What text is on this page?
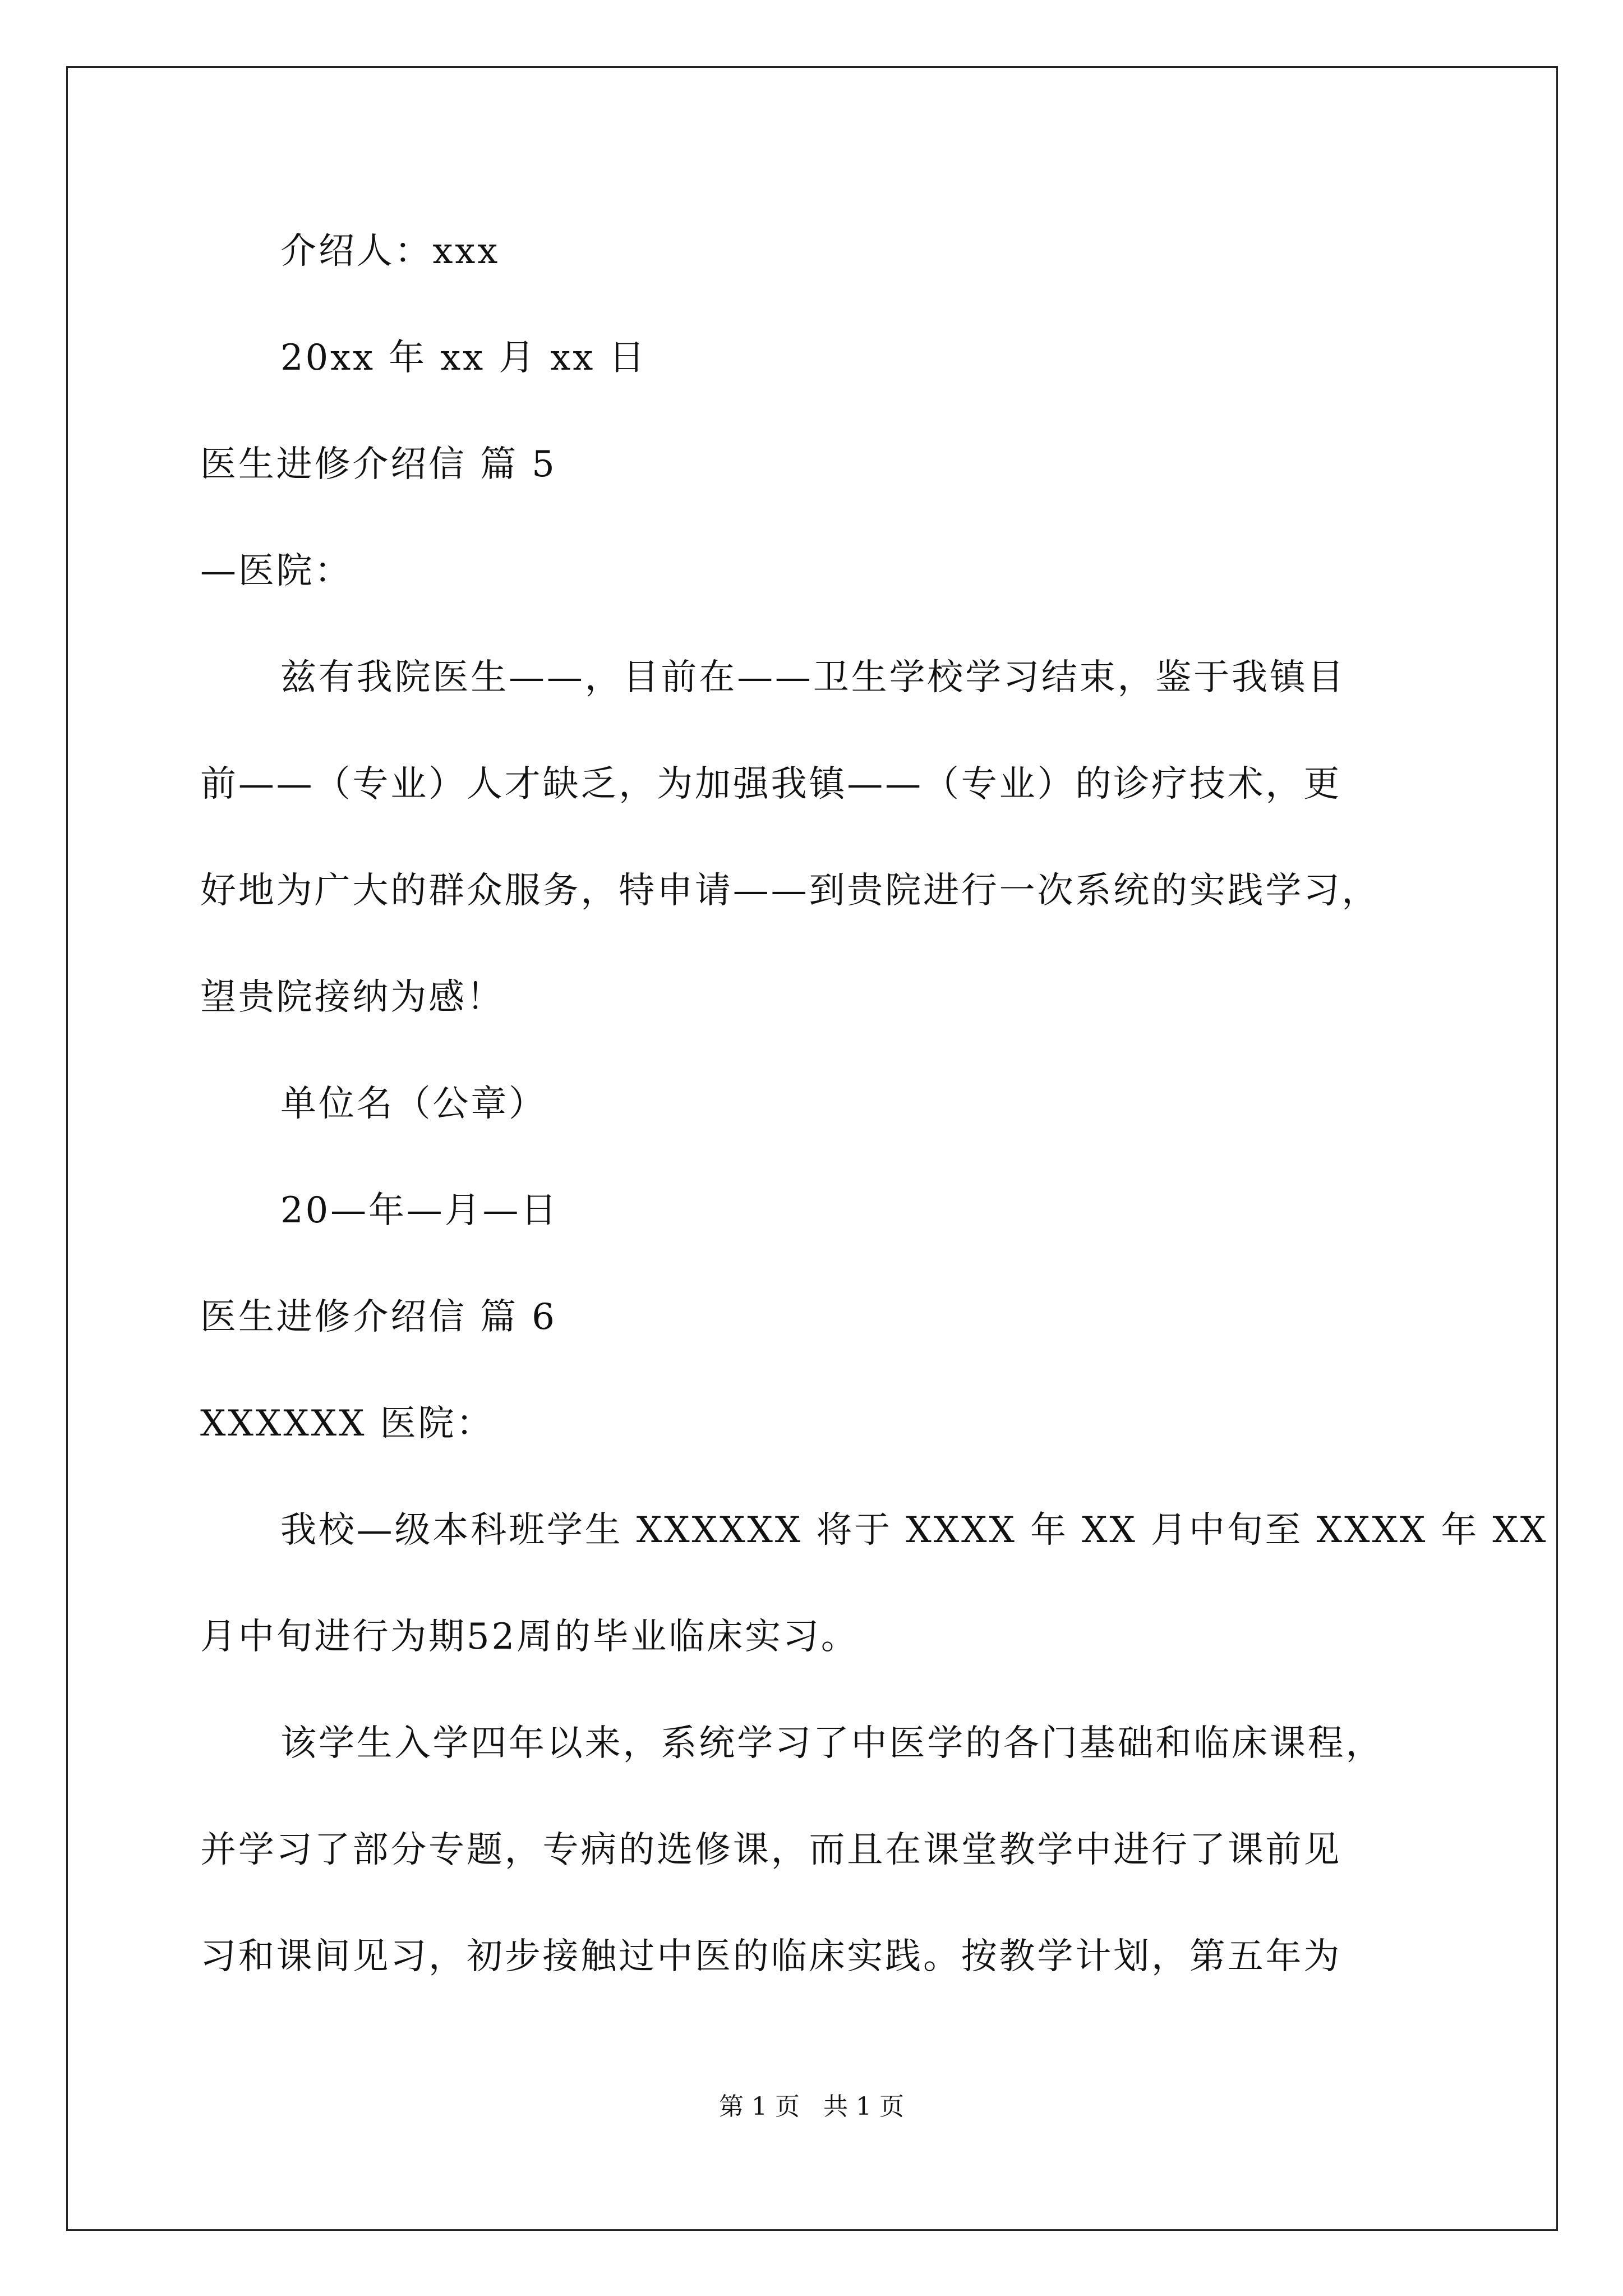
介绍人：xxx
20xx 年 xx 月 xx 日
医生进修介绍信 篇 5
—医院：
兹有我院医生——，目前在——卫生学校学习结束，鉴于我镇目
前——（专业）人才缺乏，为加强我镇——（专业）的诊疗技术，更
好地为广大的群众服务，特申请——到贵院进行一次系统的实践学习，
望贵院接纳为感！
单位名（公章）
20—年—月—日
医生进修介绍信 篇 6
XXXXXX 医院：
我校—级本科班学生 XXXXXX 将于 XXXX 年 XX 月中旬至 XXXX 年 XX
月中旬进行为期52周的毕业临床实习。
该学生入学四年以来，系统学习了中医学的各门基础和临床课程，
并学习了部分专题，专病的选修课，而且在课堂教学中进行了课前见
习和课间见习，初步接触过中医的临床实践。按教学计划，第五年为
第 1 页   共 1 页
